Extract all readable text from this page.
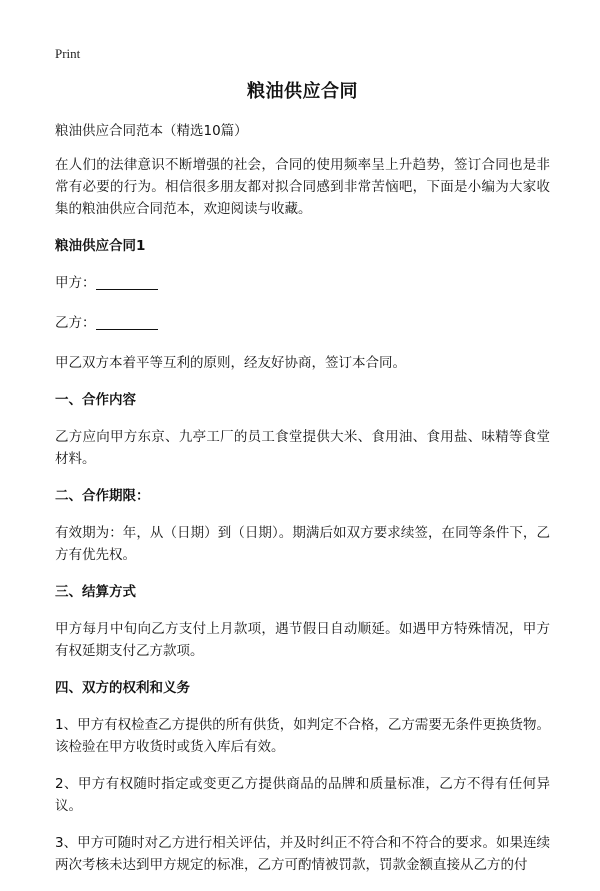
Print
粮油供应合同
粮油供应合同范本（精选10篇）
在人们的法律意识不断增强的社会，合同的使用频率呈上升趋势，签订合同也是非常有必要的行为。相信很多朋友都对拟合同感到非常苦恼吧，下面是小编为大家收集的粮油供应合同范本，欢迎阅读与收藏。
粮油供应合同1
甲方：
乙方：
甲乙双方本着平等互利的原则，经友好协商，签订本合同。
一、合作内容
乙方应向甲方东京、九亭工厂的员工食堂提供大米、食用油、食用盐、味精等食堂材料。
二、合作期限：
有效期为：年，从（日期）到（日期）。期满后如双方要求续签，在同等条件下，乙方有优先权。
三、结算方式
甲方每月中旬向乙方支付上月款项，遇节假日自动顺延。如遇甲方特殊情况，甲方有权延期支付乙方款项。
四、双方的权利和义务
1、甲方有权检查乙方提供的所有供货，如判定不合格，乙方需要无条件更换货物。该检验在甲方收货时或货入库后有效。
2、甲方有权随时指定或变更乙方提供商品的品牌和质量标准，乙方不得有任何异议。
3、甲方可随时对乙方进行相关评估，并及时纠正不符合和不符合的要求。如果连续两次考核未达到甲方规定的标准，乙方可酌情被罚款，罚款金额直接从乙方的付
